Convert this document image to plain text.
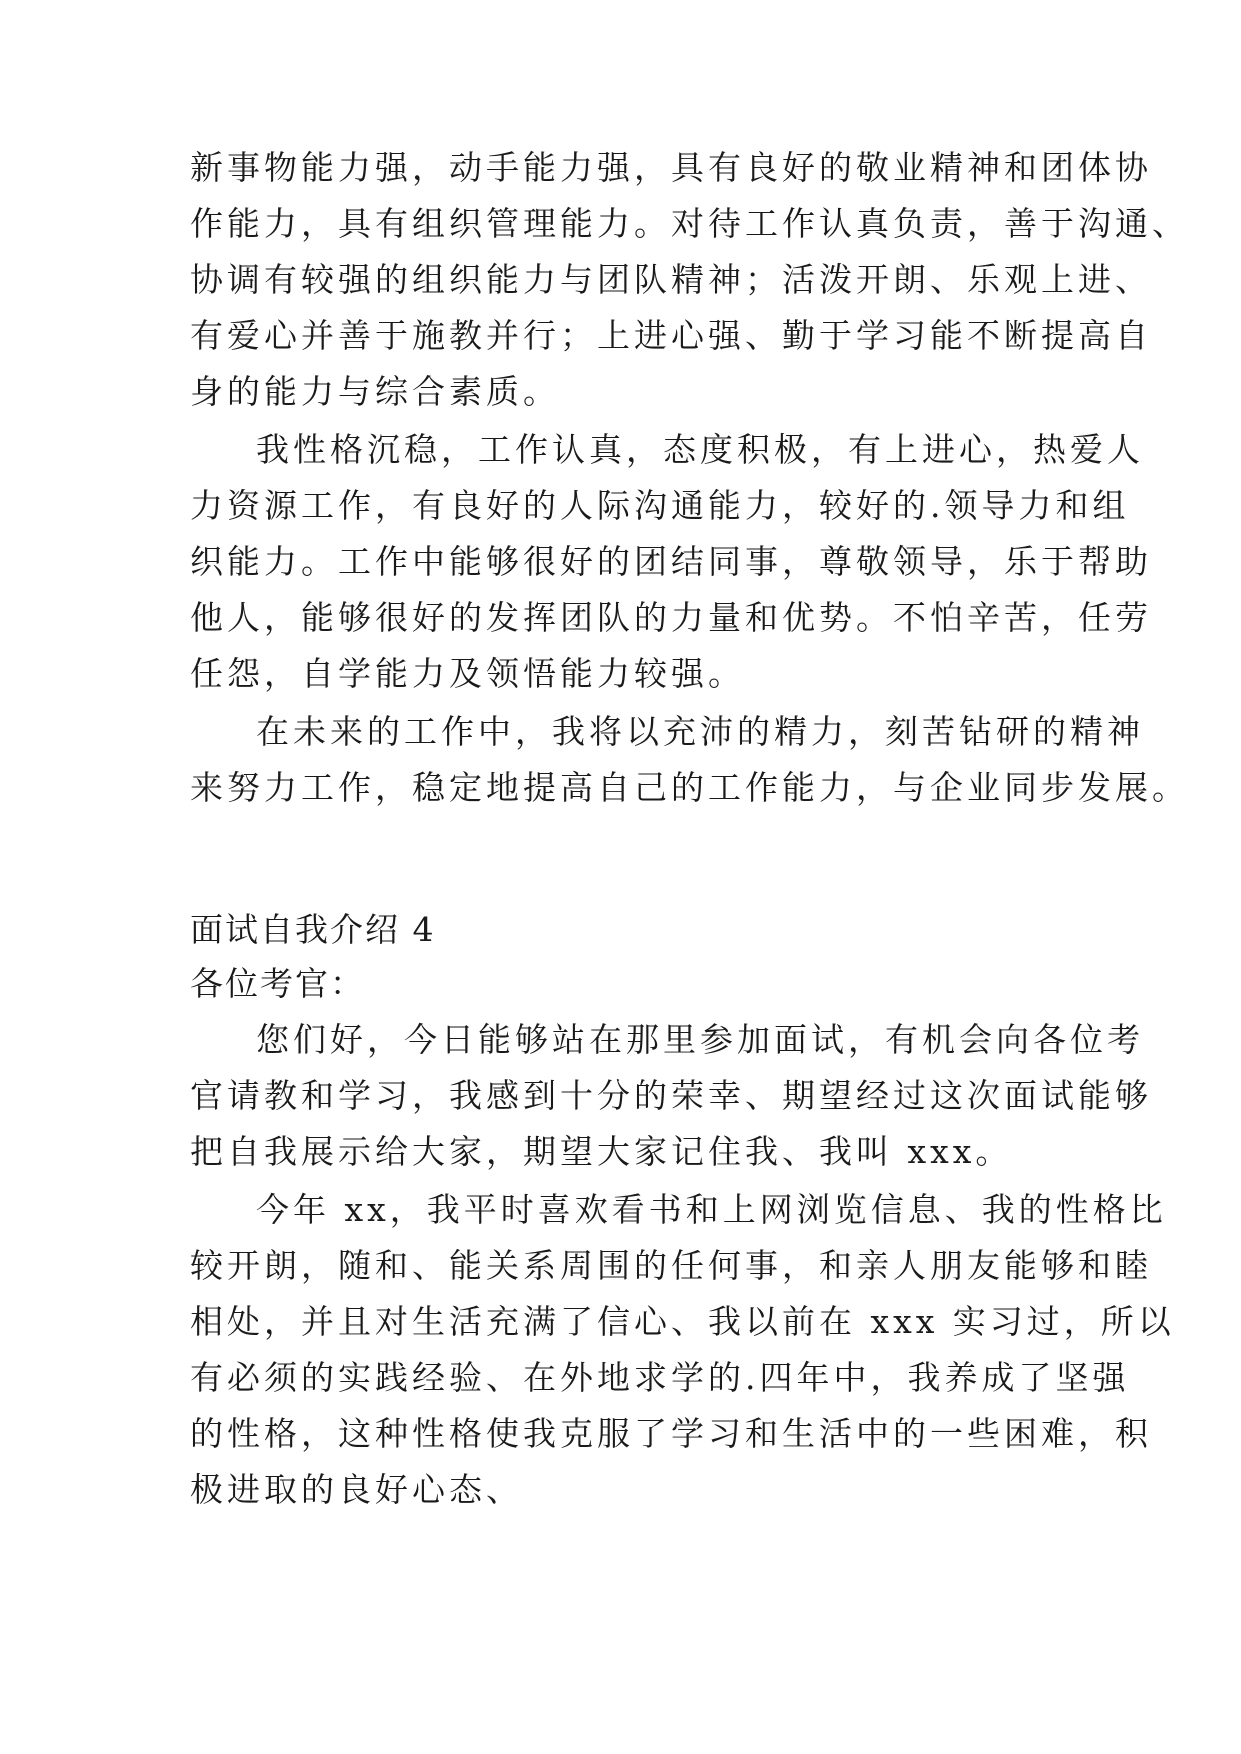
新事物能力强，动手能力强，具有良好的敬业精神和团体协
作能力，具有组织管理能力。对待工作认真负责，善于沟通、
协调有较强的组织能力与团队精神；活泼开朗、乐观上进、
有爱心并善于施教并行；上进心强、勤于学习能不断提高自
身的能力与综合素质。
我性格沉稳，工作认真，态度积极，有上进心，热爱人
力资源工作，有良好的人际沟通能力，较好的.领导力和组
织能力。工作中能够很好的团结同事，尊敬领导，乐于帮助
他人，能够很好的发挥团队的力量和优势。不怕辛苦，任劳
任怨，自学能力及领悟能力较强。
在未来的工作中，我将以充沛的精力，刻苦钻研的精神
来努力工作，稳定地提高自己的工作能力，与企业同步发展。
面试自我介绍 4
各位考官：
您们好，今日能够站在那里参加面试，有机会向各位考
官请教和学习，我感到十分的荣幸、期望经过这次面试能够
把自我展示给大家，期望大家记住我、我叫 xxx。
今年 xx，我平时喜欢看书和上网浏览信息、我的性格比
较开朗，随和、能关系周围的任何事，和亲人朋友能够和睦
相处，并且对生活充满了信心、我以前在 xxx 实习过，所以
有必须的实践经验、在外地求学的.四年中，我养成了坚强
的性格，这种性格使我克服了学习和生活中的一些困难，积
极进取的良好心态、
